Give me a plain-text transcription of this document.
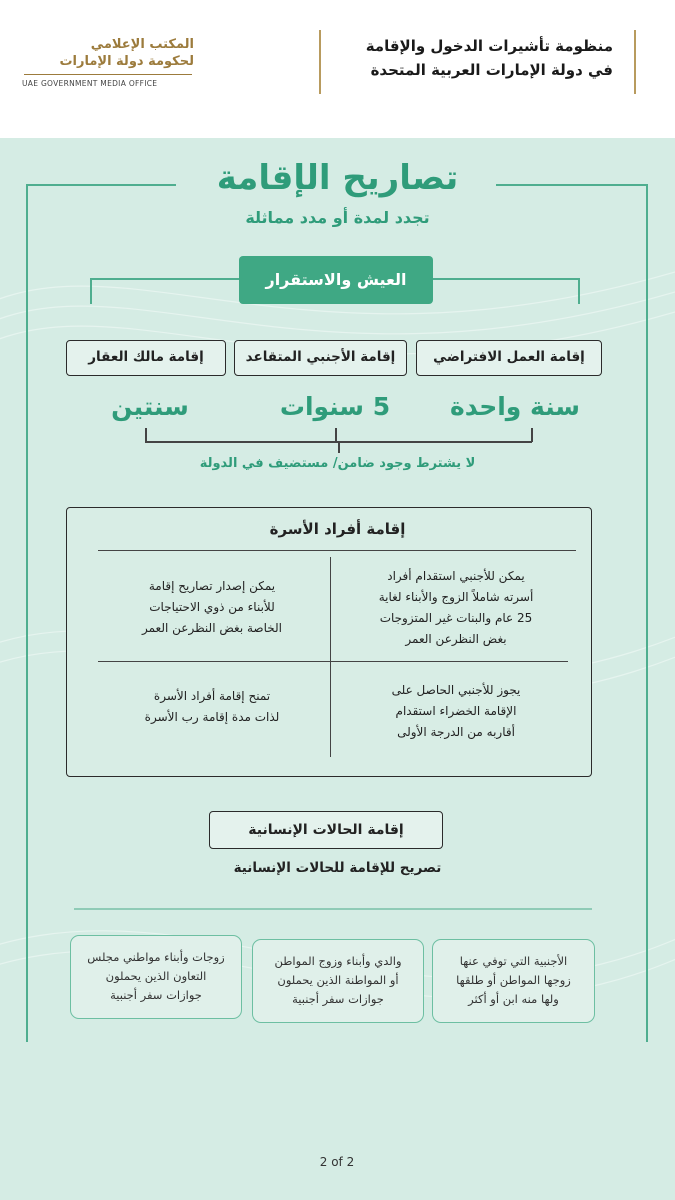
منظومة تأشيرات الدخول والإقامة
في دولة الإمارات العربية المتحدة
المكتب الإعلامي
لحكومة دولة الإمارات
UAE GOVERNMENT MEDIA OFFICE
تصاريح الإقامة
تجدد لمدة أو مدد مماثلة
العيش والاستقرار
إقامة العمل الافتراضي
إقامة الأجنبي المتقاعد
إقامة مالك العقار
سنة واحدة
5 سنوات
سنتين
لا يشترط وجود ضامن/ مستضيف في الدولة
إقامة أفراد الأسرة
يمكن للأجنبي استقدام أفراد
أسرته شاملاً الزوج والأبناء لغاية
25 عام والبنات غير المتزوجات
بغض النظرعن العمر
يمكن إصدار تصاريح إقامة
للأبناء من ذوي الاحتياجات
الخاصة بغض النظرعن العمر
يجوز للأجنبي الحاصل على
الإقامة الخضراء استقدام
أقاربه من الدرجة الأولى
تمنح إقامة أفراد الأسرة
لذات مدة إقامة رب الأسرة
إقامة الحالات الإنسانية
تصريح للإقامة للحالات الإنسانية
الأجنبية التي توفي عنها
زوجها المواطن أو طلقها
ولها منه ابن أو أكثر
والدي وأبناء وزوج المواطن
أو المواطنة الذين يحملون
جوازات سفر أجنبية
زوجات وأبناء مواطني مجلس
التعاون الذين يحملون
جوازات سفر أجنبية
2 of 2
